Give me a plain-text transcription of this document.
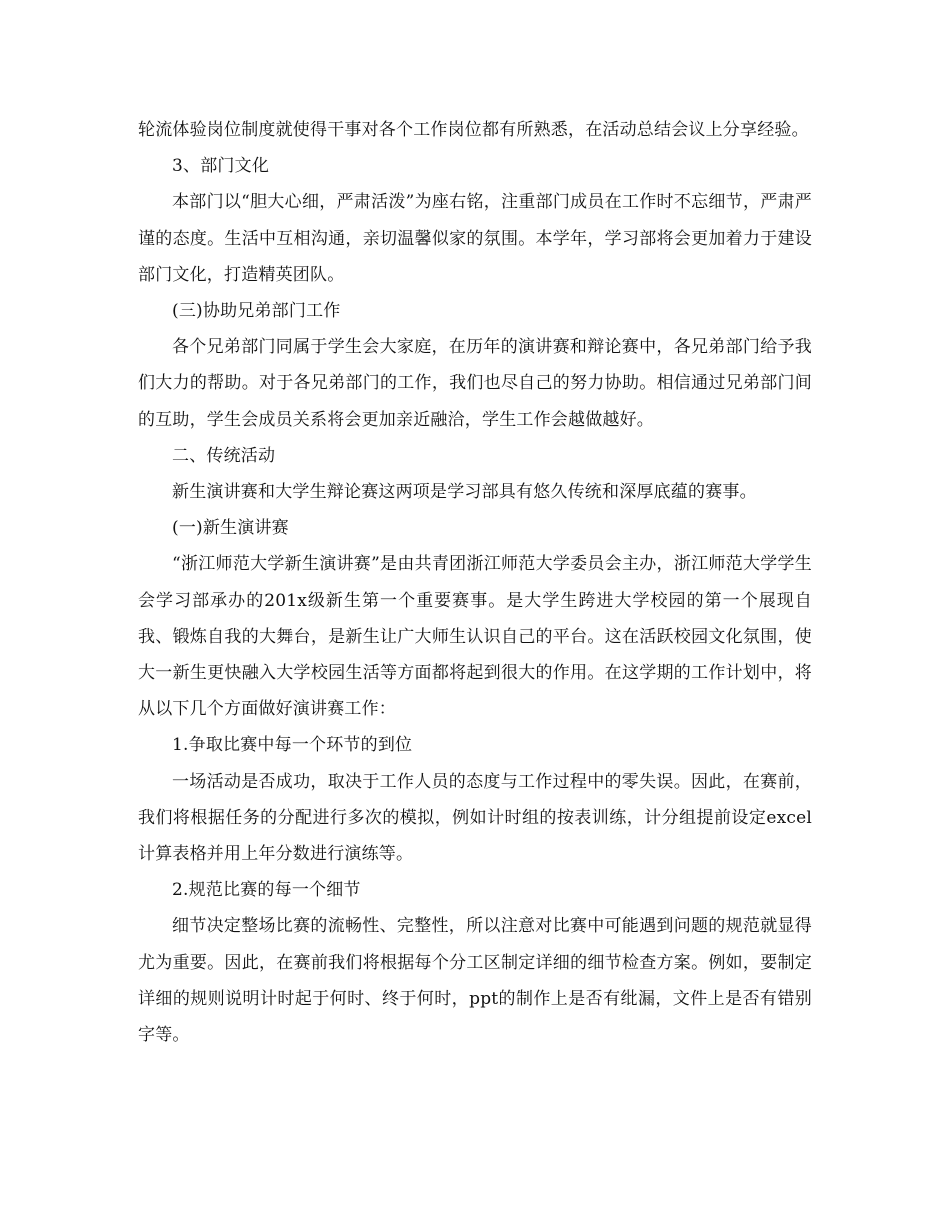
轮流体验岗位制度就使得干事对各个工作岗位都有所熟悉，在活动总结会议上分享经验。

3、部门文化

本部门以“胆大心细，严肃活泼”为座右铭，注重部门成员在工作时不忘细节，严肃严谨的态度。生活中互相沟通，亲切温馨似家的氛围。本学年，学习部将会更加着力于建设部门文化，打造精英团队。

(三)协助兄弟部门工作

各个兄弟部门同属于学生会大家庭，在历年的演讲赛和辩论赛中，各兄弟部门给予我们大力的帮助。对于各兄弟部门的工作，我们也尽自己的努力协助。相信通过兄弟部门间的互助，学生会成员关系将会更加亲近融洽，学生工作会越做越好。

二、传统活动

新生演讲赛和大学生辩论赛这两项是学习部具有悠久传统和深厚底蕴的赛事。

(一)新生演讲赛

“浙江师范大学新生演讲赛”是由共青团浙江师范大学委员会主办，浙江师范大学学生会学习部承办的201x级新生第一个重要赛事。是大学生跨进大学校园的第一个展现自我、锻炼自我的大舞台，是新生让广大师生认识自己的平台。这在活跃校园文化氛围，使大一新生更快融入大学校园生活等方面都将起到很大的作用。在这学期的工作计划中，将从以下几个方面做好演讲赛工作：

1.争取比赛中每一个环节的到位

一场活动是否成功，取决于工作人员的态度与工作过程中的零失误。因此，在赛前，我们将根据任务的分配进行多次的模拟，例如计时组的按表训练，计分组提前设定excel计算表格并用上年分数进行演练等。

2.规范比赛的每一个细节

细节决定整场比赛的流畅性、完整性，所以注意对比赛中可能遇到问题的规范就显得尤为重要。因此，在赛前我们将根据每个分工区制定详细的细节检查方案。例如，要制定详细的规则说明计时起于何时、终于何时，ppt的制作上是否有纰漏，文件上是否有错别字等。
